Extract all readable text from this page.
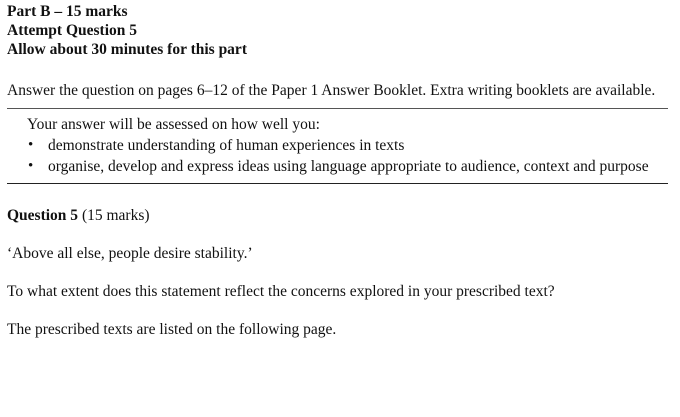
Part B – 15 marks
Attempt Question 5
Allow about 30 minutes for this part
Answer the question on pages 6–12 of the Paper 1 Answer Booklet. Extra writing booklets are available.
Your answer will be assessed on how well you:
• demonstrate understanding of human experiences in texts
• organise, develop and express ideas using language appropriate to audience, context and purpose
Question 5 (15 marks)
‘Above all else, people desire stability.’
To what extent does this statement reflect the concerns explored in your prescribed text?
The prescribed texts are listed on the following page.
